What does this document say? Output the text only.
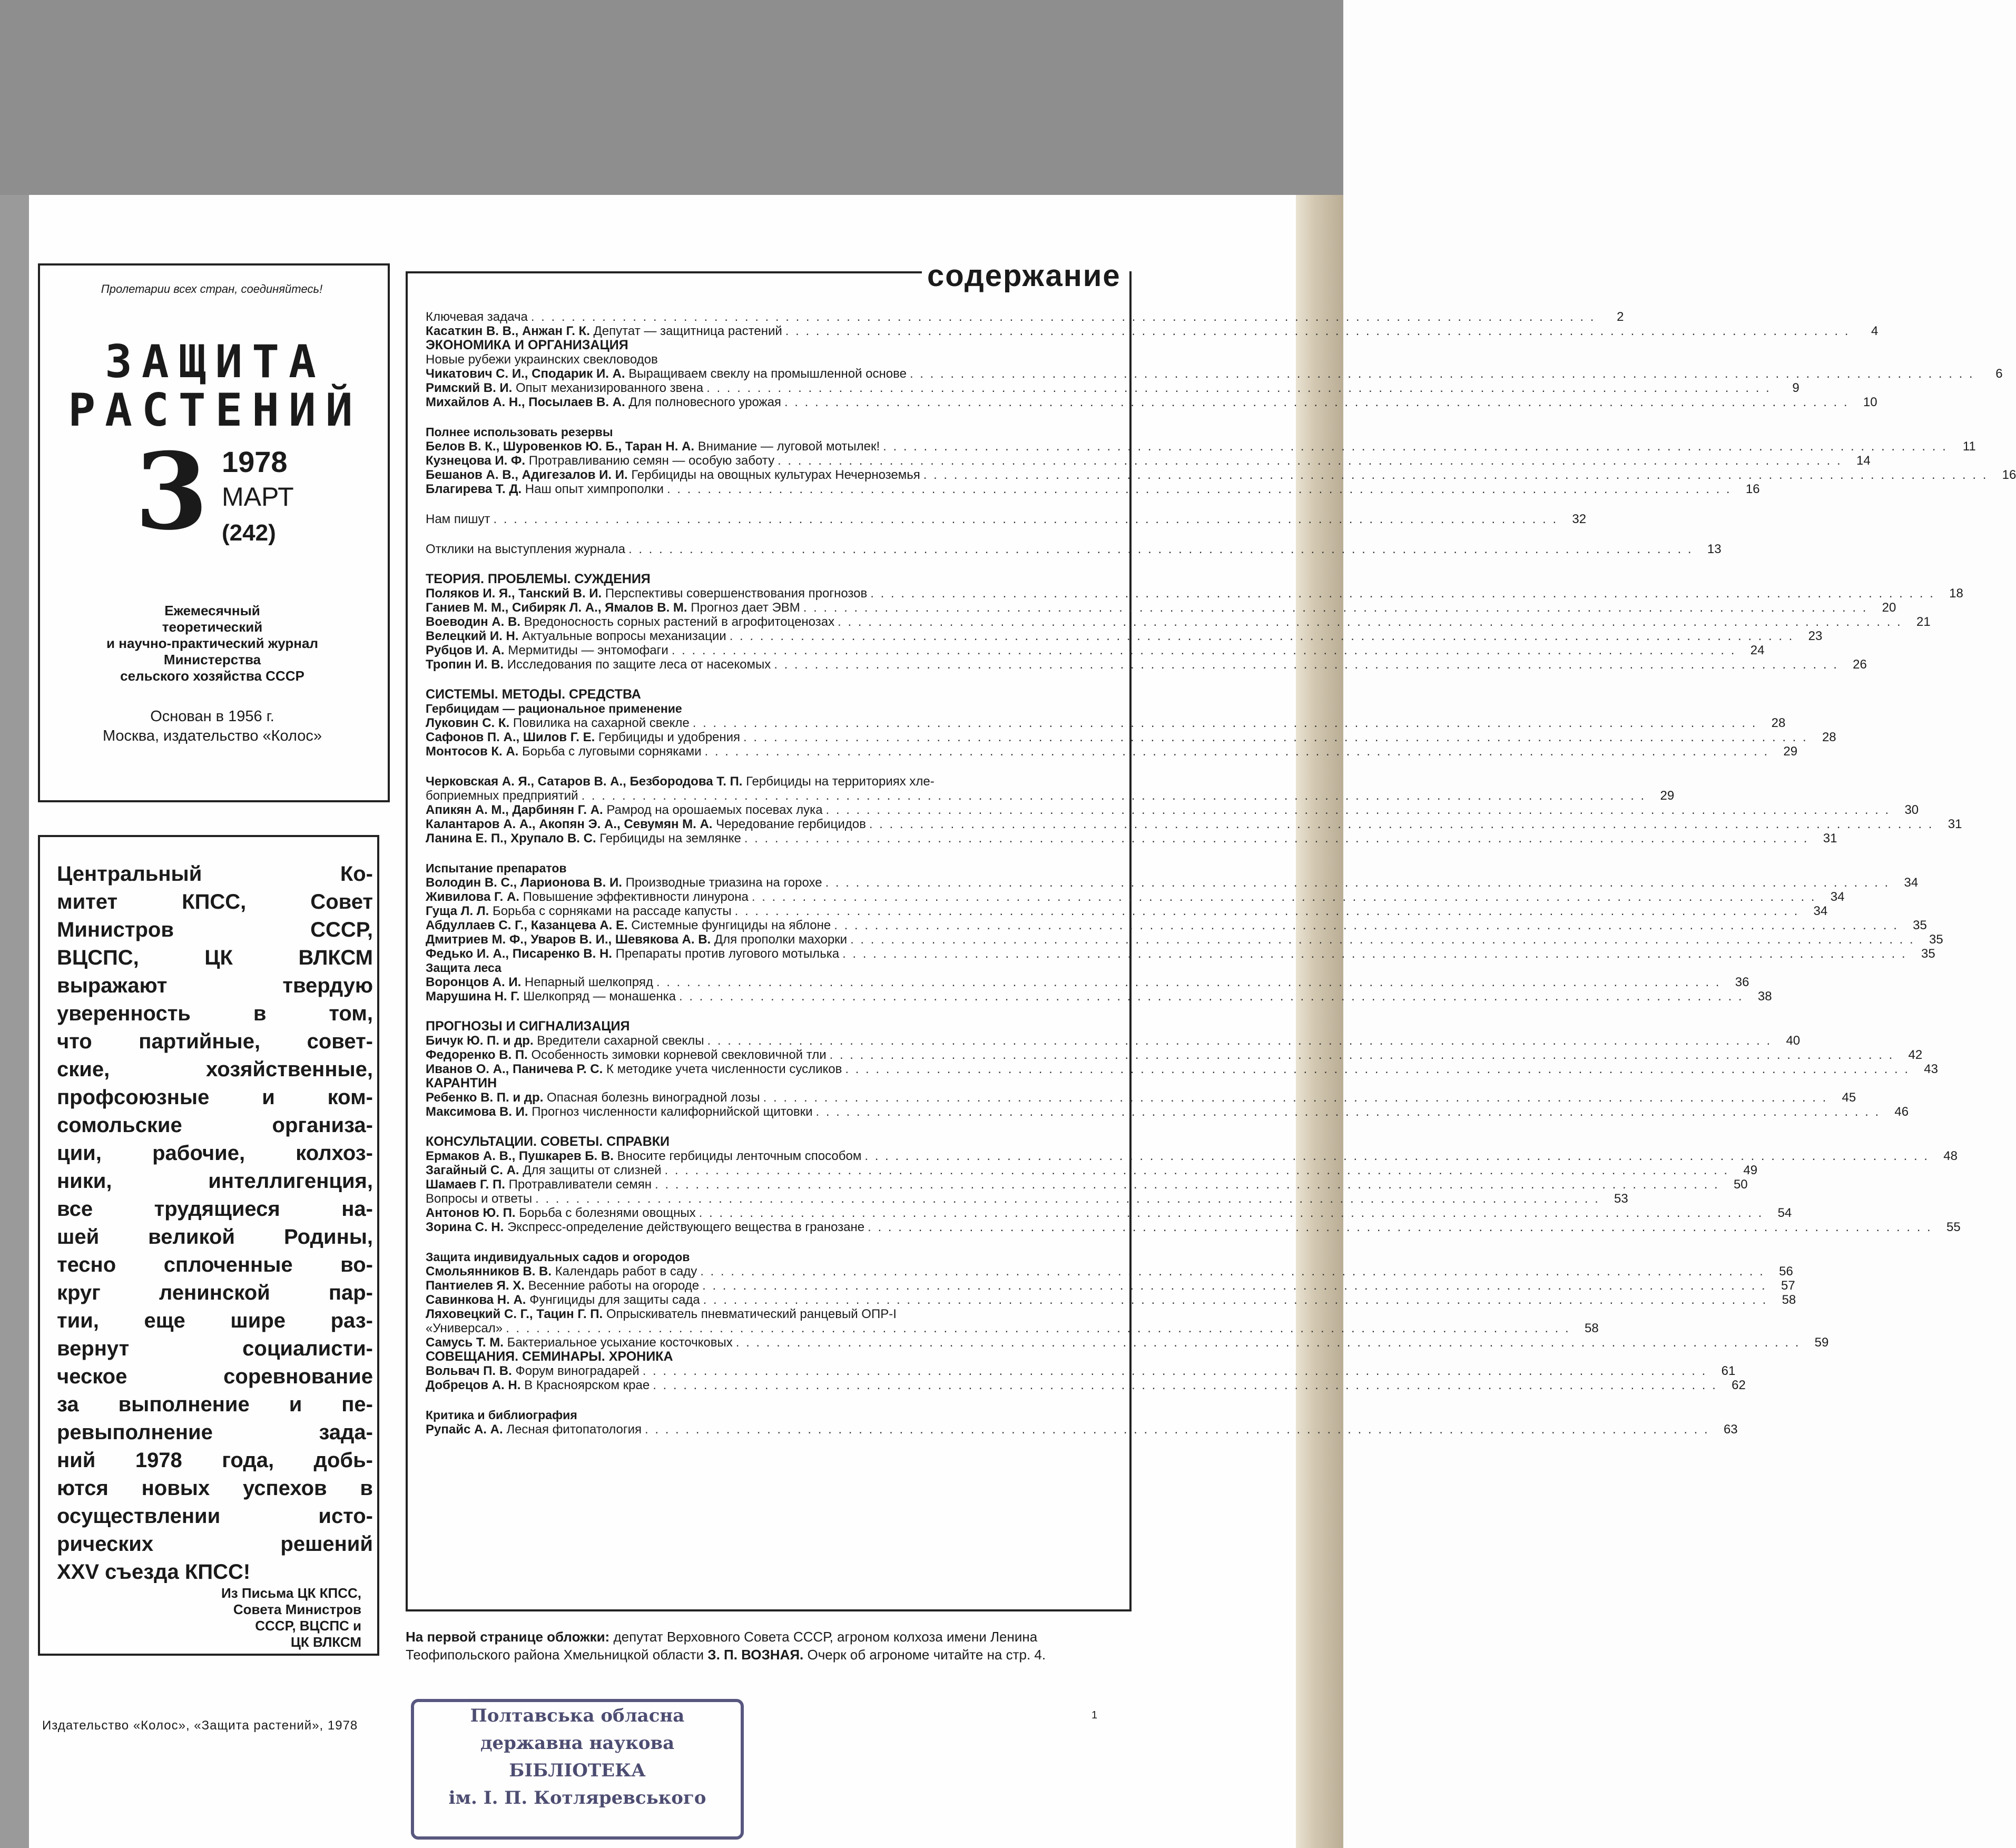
Пролетарии всех стран, соединяйтесь!
ЗАЩИТА
РАСТЕНИЙ
3 1978
МАРТ
(242)
Ежемесячный
теоретический
и научно-практический журнал
Министерства
сельского хозяйства СССР
Основан в 1956 г.
Москва, издательство «Колос»
Центральный Ко-
митет КПСС, Совет
Министров СССР,
ВЦСПС, ЦК ВЛКСМ
выражают твердую
уверенность в том,
что партийные, совет-
ские, хозяйственные,
профсоюзные и ком-
сомольские организа-
ции, рабочие, колхоз-
ники, интеллигенция,
все трудящиеся на-
шей великой Родины,
тесно сплоченные во-
круг ленинской пар-
тии, еще шире раз-
вернут социалисти-
ческое соревнование
за выполнение и пе-
ревыполнение зада-
ний 1978 года, добь-
ются новых успехов в
осуществлении исто-
рических решений
XXV съезда КПСС!
Из Письма ЦК КПСС,
Совета Министров
СССР, ВЦСПС и
ЦК ВЛКСМ
содержание
Ключевая задача . . .	2
Касаткин В. В., Анжан Г. К. Депутат — защитница растений . . .	4
ЭКОНОМИКА И ОРГАНИЗАЦИЯ
Новые рубежи украинских свекловодов
Чикатович С. И., Сподарик И. А. Выращиваем свеклу на промышленной основе . . .	6
Римский В. И. Опыт механизированного звена . . .	9
Михайлов А. Н., Посылаев В. А. Для полновесного урожая . . .	10
Полнее использовать резервы
Белов В. К., Шуровенков Ю. Б., Таран Н. А. Внимание — луговой мотылек! . . .	11
Кузнецова И. Ф. Протравливанию семян — особую заботу . . .	14
Бешанов А. В., Адигезалов И. И. Гербициды на овощных культурах Нечерноземья . . .	16
Благирева Т. Д. Наш опыт химпрополки . . .	16
Нам пишут . . .	32
Отклики на выступления журнала . . .	13
ТЕОРИЯ. ПРОБЛЕМЫ. СУЖДЕНИЯ
Поляков И. Я., Танский В. И. Перспективы совершенствования прогнозов . . .	18
Ганиев М. М., Сибиряк Л. А., Ямалов В. М. Прогноз дает ЭВМ . . .	20
Воеводин А. В. Вредоносность сорных растений в агрофитоценозах . . .	21
Велецкий И. Н. Актуальные вопросы механизации . . .	23
Рубцов И. А. Мермитиды — энтомофаги . . .	24
Тропин И. В. Исследования по защите леса от насекомых . . .	26
СИСТЕМЫ. МЕТОДЫ. СРЕДСТВА
Гербицидам — рациональное применение
Луковин С. К. Повилика на сахарной свекле . . .	28
Сафонов П. А., Шилов Г. Е. Гербициды и удобрения . . .	28
Монтосов К. А. Борьба с луговыми сорняками . . .	29
Черковская А. Я., Сатаров В. А., Безбородова Т. П. Гербициды на территориях хле-
боприемных предприятий . . .	29
Апикян А. М., Дарбинян Г. А. Рамрод на орошаемых посевах лука . . .	30
Калантаров А. А., Акопян Э. А., Севумян М. А. Чередование гербицидов . . .	31
Ланина Е. П., Хрупало В. С. Гербициды на землянке . . .	31
Испытание препаратов
Володин В. С., Ларионова В. И. Производные триазина на горохе . . .	34
Живилова Г. А. Повышение эффективности линурона . . .	34
Гуща Л. Л. Борьба с сорняками на рассаде капусты . . .	34
Абдуллаев С. Г., Казанцева А. Е. Системные фунгициды на яблоне . . .	35
Дмитриев М. Ф., Уваров В. И., Шевякова А. В. Для прополки махорки . . .	35
Федько И. А., Писаренко В. Н. Препараты против лугового мотылька . . .	35
Защита леса
Воронцов А. И. Непарный шелкопряд . . .	36
Марушина Н. Г. Шелкопряд — монашенка . . .	38
ПРОГНОЗЫ И СИГНАЛИЗАЦИЯ
Бичук Ю. П. и др. Вредители сахарной свеклы . . .	40
Федоренко В. П. Особенность зимовки корневой свекловичной тли . . .	42
Иванов О. А., Паничева Р. С. К методике учета численности сусликов . . .	43
КАРАНТИН
Ребенко В. П. и др. Опасная болезнь виноградной лозы . . .	45
Максимова В. И. Прогноз численности калифорнийской щитовки . . .	46
КОНСУЛЬТАЦИИ. СОВЕТЫ. СПРАВКИ
Ермаков А. В., Пушкарев Б. В. Вносите гербициды ленточным способом . . .	48
Загайный С. А. Для защиты от слизней . . .	49
Шамаев Г. П. Протравливатели семян . . .	50
Вопросы и ответы . . .	53
Антонов Ю. П. Борьба с болезнями овощных . . .	54
Зорина С. Н. Экспресс-определение действующего вещества в гранозане . . .	55
Защита индивидуальных садов и огородов
Смольянников В. В. Календарь работ в саду . . .	56
Пантиелев Я. Х. Весенние работы на огороде . . .	57
Савинкова Н. А. Фунгициды для защиты сада . . .	58
Ляховецкий С. Г., Тацин Г. П. Опрыскиватель пневматический ранцевый ОПР-I
«Универсал» . . .	58
Самусь Т. М. Бактериальное усыхание косточковых . . .	59
СОВЕЩАНИЯ. СЕМИНАРЫ. ХРОНИКА
Вольвач П. В. Форум виноградарей . . .	61
Добрецов А. Н. В Красноярском крае . . .	62
Критика и библиография
Рупайс А. А. Лесная фитопатология . . .	63
На первой странице обложки: депутат Верховного Совета СССР, агроном колхоза имени Ленина Теофипольского района Хмельницкой области З. П. ВОЗНАЯ. Очерк об агрономе читайте на стр. 4.
Издательство «Колос», «Защита растений», 1978	Полтавська обласна
державна наукова
БІБЛІОТЕКА
ім. І. П. Котляревського
1
